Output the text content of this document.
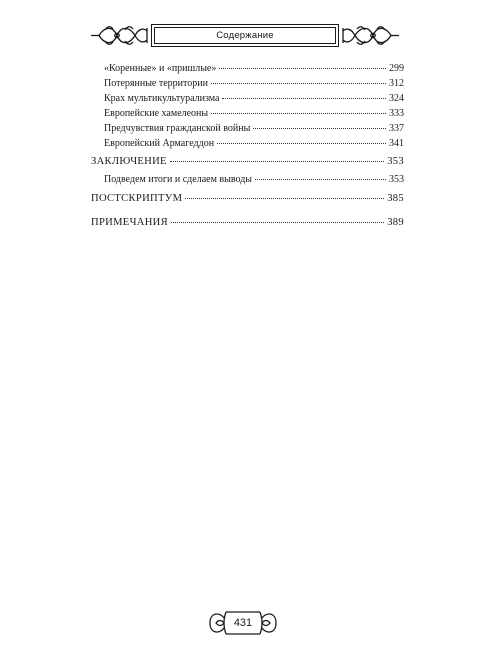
Содержание
«Коренные» и «пришлые»	299
Потерянные территории	312
Крах мультикультурализма	324
Европейские хамелеоны	333
Предчувствия гражданской войны	337
Европейский Армагеддон	341
ЗАКЛЮЧЕНИЕ	353
Подведем итоги и сделаем выводы	353
ПОСТСКРИПТУМ	385
ПРИМЕЧАНИЯ	389
431
